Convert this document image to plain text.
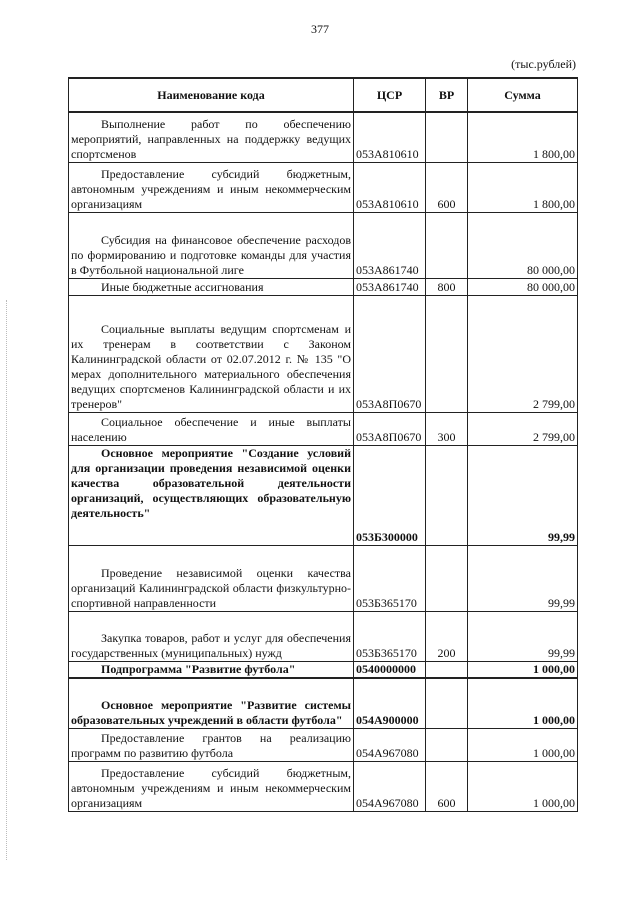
377
(тыс.рублей)
Наименование кода	ЦСР	ВР	Сумма
Выполнение работ по обеспечению мероприятий, направленных на поддержку ведущих спортсменов	053А810610		1 800,00
Предоставление субсидий бюджетным, автономным учреждениям и иным некоммерческим организациям	053А810610	600	1 800,00
Субсидия на финансовое обеспечение расходов по формированию и подготовке команды для участия в Футбольной национальной лиге	053А861740		80 000,00
Иные бюджетные ассигнования	053А861740	800	80 000,00
Социальные выплаты ведущим спортсменам и их тренерам в соответствии с Законом Калининградской области от 02.07.2012 г. № 135 "О мерах дополнительного материального обеспечения ведущих спортсменов Калининградской области и их тренеров"	053А8П0670		2 799,00
Социальное обеспечение и иные выплаты населению	053А8П0670	300	2 799,00
Основное мероприятие "Создание условий для организации проведения независимой оценки качества образовательной деятельности организаций, осуществляющих образовательную деятельность"	053Б300000		99,99
Проведение независимой оценки качества организаций Калининградской области физкультурно-спортивной направленности	053Б365170		99,99
Закупка товаров, работ и услуг для обеспечения государственных (муниципальных) нужд	053Б365170	200	99,99
Подпрограмма "Развитие футбола"	0540000000		1 000,00
Основное мероприятие "Развитие системы образовательных учреждений в области футбола"	054А900000		1 000,00
Предоставление грантов на реализацию программ по развитию футбола	054А967080		1 000,00
Предоставление субсидий бюджетным, автономным учреждениям и иным некоммерческим организациям	054А967080	600	1 000,00
